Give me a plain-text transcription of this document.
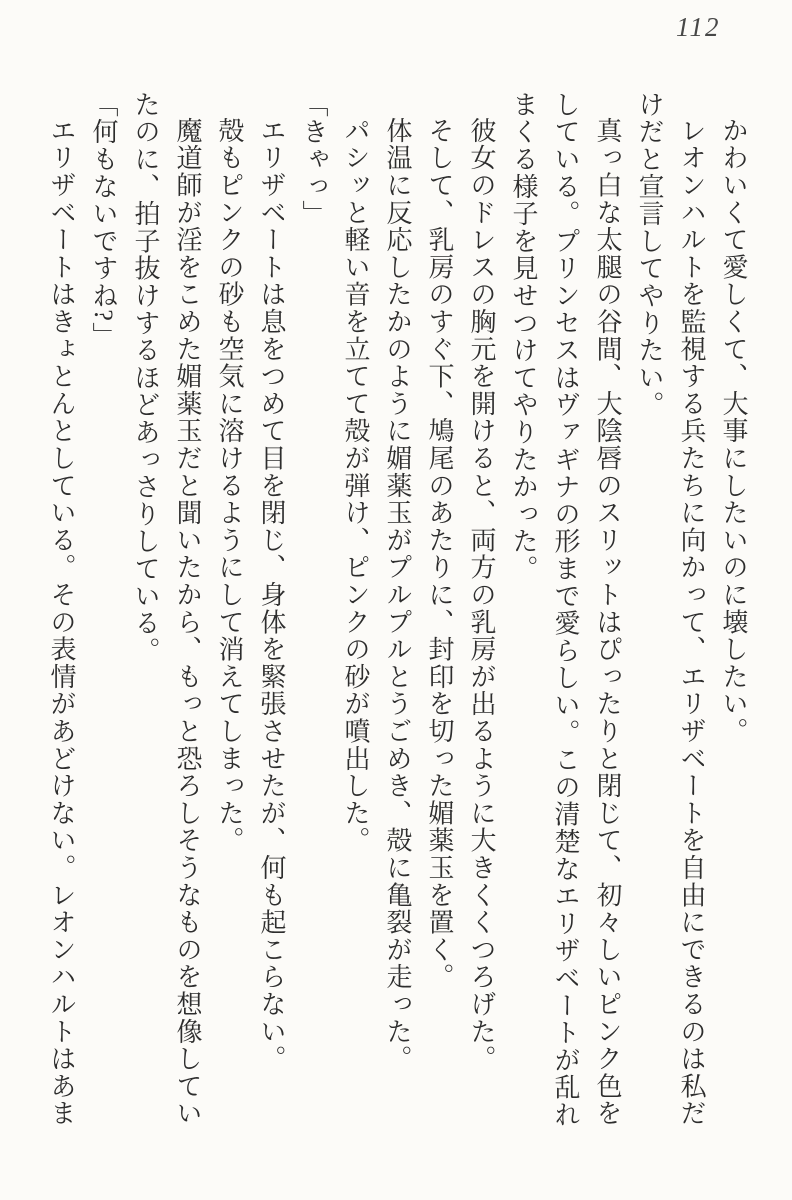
112

かわいくて愛しくて、大事にしたいのに壊したい。

レオンハルトを監視する兵たちに向かって、エリザベートを自由にできるのは私だけだと宣言してやりたい。

真っ白な太腿の谷間、大陰唇のスリットはぴったりと閉じて、初々しいピンク色をしている。プリンセスはヴァギナの形まで愛らしい。この清楚なエリザベートが乱れまくる様子を見せつけてやりたかった。

彼女のドレスの胸元を開けると、両方の乳房が出るように大きくくつろげた。

そして、乳房のすぐ下、鳩尾のあたりに、封印を切った媚薬玉を置く。

体温に反応したかのように媚薬玉がプルプルとうごめき、殻に亀裂が走った。

パシッと軽い音を立てて殻が弾け、ピンクの砂が噴出した。

「きゃっ」

エリザベートは息をつめて目を閉じ、身体を緊張させたが、何も起こらない。

殻もピンクの砂も空気に溶けるようにして消えてしまった。

魔道師が淫をこめた媚薬玉だと聞いたから、もっと恐ろしそうなものを想像していたのに、拍子抜けするほどあっさりしている。

「何もないですね?」

エリザベートはきょとんとしている。その表情があどけない。レオンハルトはあま
